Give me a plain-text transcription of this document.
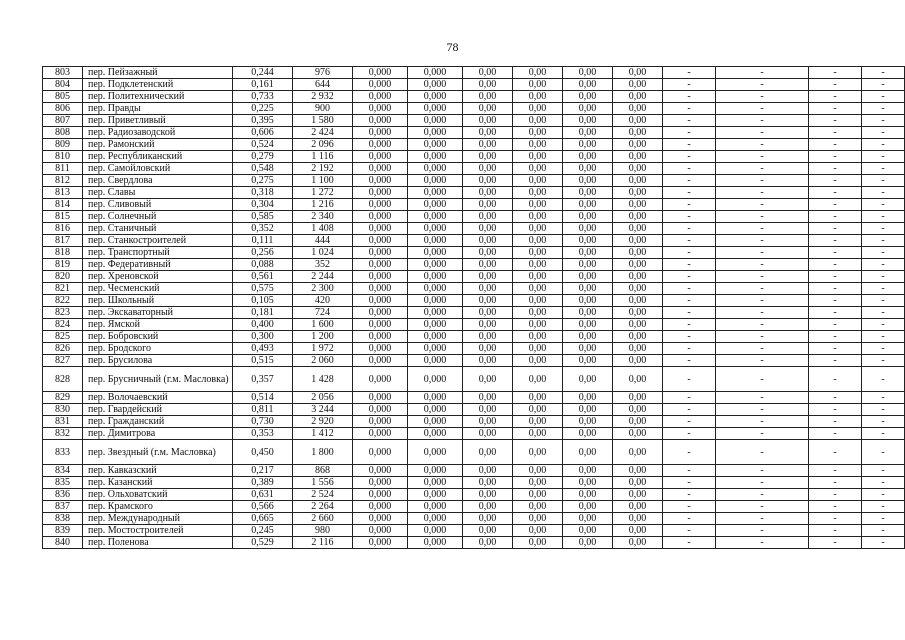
78
803	пер. Пейзажный	0,244	976	0,000	0,000	0,00	0,00	0,00	0,00	-	-	-	-
804	пер. Подклетенский	0,161	644	0,000	0,000	0,00	0,00	0,00	0,00	-	-	-	-
805	пер. Политехнический	0,733	2 932	0,000	0,000	0,00	0,00	0,00	0,00	-	-	-	-
806	пер. Правды	0,225	900	0,000	0,000	0,00	0,00	0,00	0,00	-	-	-	-
807	пер. Приветливый	0,395	1 580	0,000	0,000	0,00	0,00	0,00	0,00	-	-	-	-
808	пер. Радиозаводской	0,606	2 424	0,000	0,000	0,00	0,00	0,00	0,00	-	-	-	-
809	пер. Рамонский	0,524	2 096	0,000	0,000	0,00	0,00	0,00	0,00	-	-	-	-
810	пер. Республиканский	0,279	1 116	0,000	0,000	0,00	0,00	0,00	0,00	-	-	-	-
811	пер. Самойловский	0,548	2 192	0,000	0,000	0,00	0,00	0,00	0,00	-	-	-	-
812	пер. Свердлова	0,275	1 100	0,000	0,000	0,00	0,00	0,00	0,00	-	-	-	-
813	пер. Славы	0,318	1 272	0,000	0,000	0,00	0,00	0,00	0,00	-	-	-	-
814	пер. Сливовый	0,304	1 216	0,000	0,000	0,00	0,00	0,00	0,00	-	-	-	-
815	пер. Солнечный	0,585	2 340	0,000	0,000	0,00	0,00	0,00	0,00	-	-	-	-
816	пер. Станичный	0,352	1 408	0,000	0,000	0,00	0,00	0,00	0,00	-	-	-	-
817	пер. Станкостроителей	0,111	444	0,000	0,000	0,00	0,00	0,00	0,00	-	-	-	-
818	пер. Транспортный	0,256	1 024	0,000	0,000	0,00	0,00	0,00	0,00	-	-	-	-
819	пер. Федеративный	0,088	352	0,000	0,000	0,00	0,00	0,00	0,00	-	-	-	-
820	пер. Хреновской	0,561	2 244	0,000	0,000	0,00	0,00	0,00	0,00	-	-	-	-
821	пер. Чесменский	0,575	2 300	0,000	0,000	0,00	0,00	0,00	0,00	-	-	-	-
822	пер. Школьный	0,105	420	0,000	0,000	0,00	0,00	0,00	0,00	-	-	-	-
823	пер. Экскаваторный	0,181	724	0,000	0,000	0,00	0,00	0,00	0,00	-	-	-	-
824	пер. Ямской	0,400	1 600	0,000	0,000	0,00	0,00	0,00	0,00	-	-	-	-
825	пер. Бобровский	0,300	1 200	0,000	0,000	0,00	0,00	0,00	0,00	-	-	-	-
826	пер. Бродского	0,493	1 972	0,000	0,000	0,00	0,00	0,00	0,00	-	-	-	-
827	пер. Брусилова	0,515	2 060	0,000	0,000	0,00	0,00	0,00	0,00	-	-	-	-
828	пер. Брусничный (г.м. Масловка)	0,357	1 428	0,000	0,000	0,00	0,00	0,00	0,00	-	-	-	-
829	пер. Волочаевский	0,514	2 056	0,000	0,000	0,00	0,00	0,00	0,00	-	-	-	-
830	пер. Гвардейский	0,811	3 244	0,000	0,000	0,00	0,00	0,00	0,00	-	-	-	-
831	пер. Гражданский	0,730	2 920	0,000	0,000	0,00	0,00	0,00	0,00	-	-	-	-
832	пер. Димитрова	0,353	1 412	0,000	0,000	0,00	0,00	0,00	0,00	-	-	-	-
833	пер. Звездный (г.м. Масловка)	0,450	1 800	0,000	0,000	0,00	0,00	0,00	0,00	-	-	-	-
834	пер. Кавказский	0,217	868	0,000	0,000	0,00	0,00	0,00	0,00	-	-	-	-
835	пер. Казанский	0,389	1 556	0,000	0,000	0,00	0,00	0,00	0,00	-	-	-	-
836	пер. Ольховатский	0,631	2 524	0,000	0,000	0,00	0,00	0,00	0,00	-	-	-	-
837	пер. Крамского	0,566	2 264	0,000	0,000	0,00	0,00	0,00	0,00	-	-	-	-
838	пер. Международный	0,665	2 660	0,000	0,000	0,00	0,00	0,00	0,00	-	-	-	-
839	пер. Мостостроителей	0,245	980	0,000	0,000	0,00	0,00	0,00	0,00	-	-	-	-
840	пер. Поленова	0,529	2 116	0,000	0,000	0,00	0,00	0,00	0,00	-	-	-	-
